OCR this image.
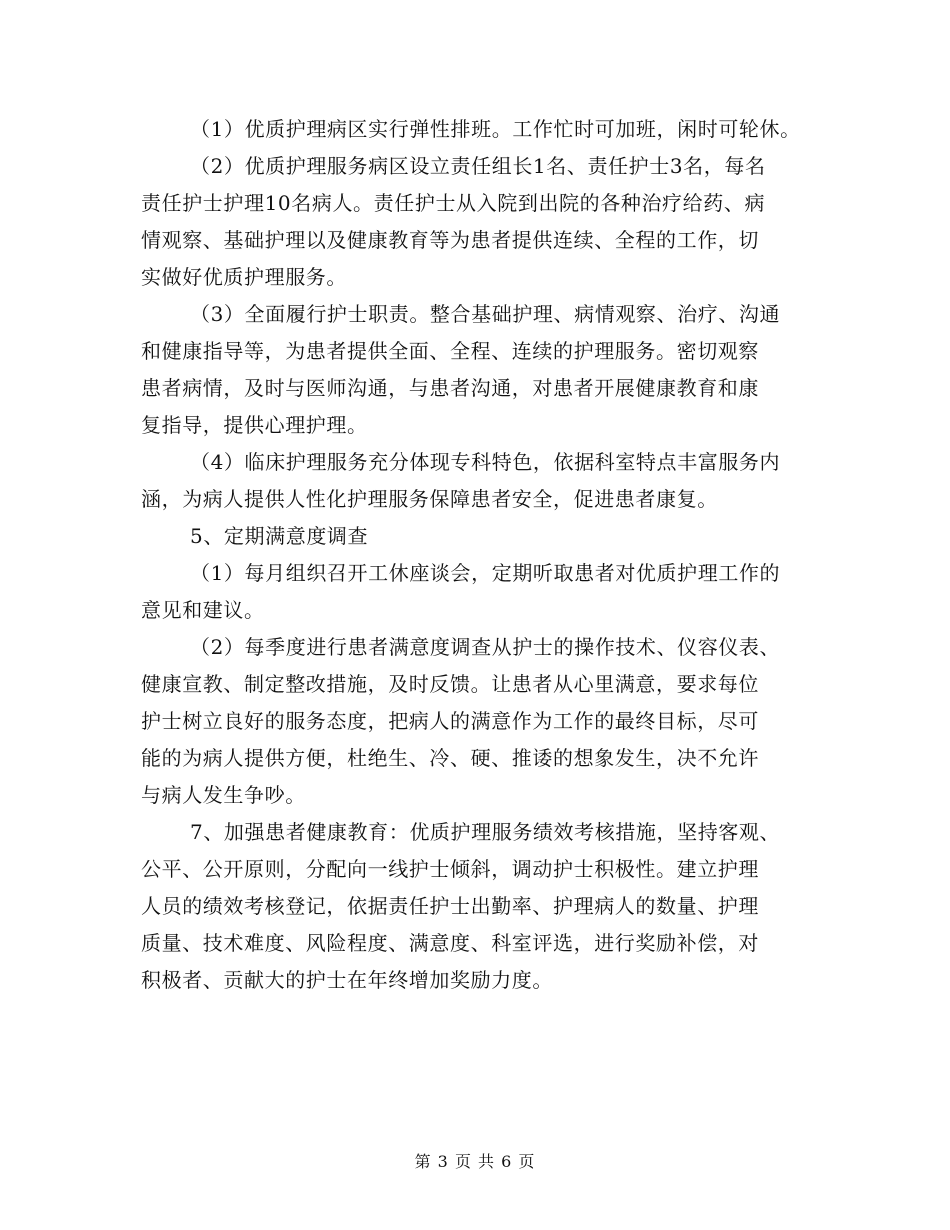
（1）优质护理病区实行弹性排班。工作忙时可加班，闲时可轮休。
（2）优质护理服务病区设立责任组长1名、责任护士3名，每名
责任护士护理10名病人。责任护士从入院到出院的各种治疗给药、病
情观察、基础护理以及健康教育等为患者提供连续、全程的工作，切
实做好优质护理服务。
（3）全面履行护士职责。整合基础护理、病情观察、治疗、沟通
和健康指导等，为患者提供全面、全程、连续的护理服务。密切观察
患者病情，及时与医师沟通，与患者沟通，对患者开展健康教育和康
复指导，提供心理护理。
（4）临床护理服务充分体现专科特色，依据科室特点丰富服务内
涵，为病人提供人性化护理服务保障患者安全，促进患者康复。
5、定期满意度调查
（1）每月组织召开工休座谈会，定期听取患者对优质护理工作的
意见和建议。
（2）每季度进行患者满意度调查从护士的操作技术、仪容仪表、
健康宣教、制定整改措施，及时反馈。让患者从心里满意，要求每位
护士树立良好的服务态度，把病人的满意作为工作的最终目标，尽可
能的为病人提供方便，杜绝生、冷、硬、推诿的想象发生，决不允许
与病人发生争吵。
7、加强患者健康教育：优质护理服务绩效考核措施，坚持客观、
公平、公开原则，分配向一线护士倾斜，调动护士积极性。建立护理
人员的绩效考核登记，依据责任护士出勤率、护理病人的数量、护理
质量、技术难度、风险程度、满意度、科室评选，进行奖励补偿，对
积极者、贡献大的护士在年终增加奖励力度。
第 3 页 共 6 页
